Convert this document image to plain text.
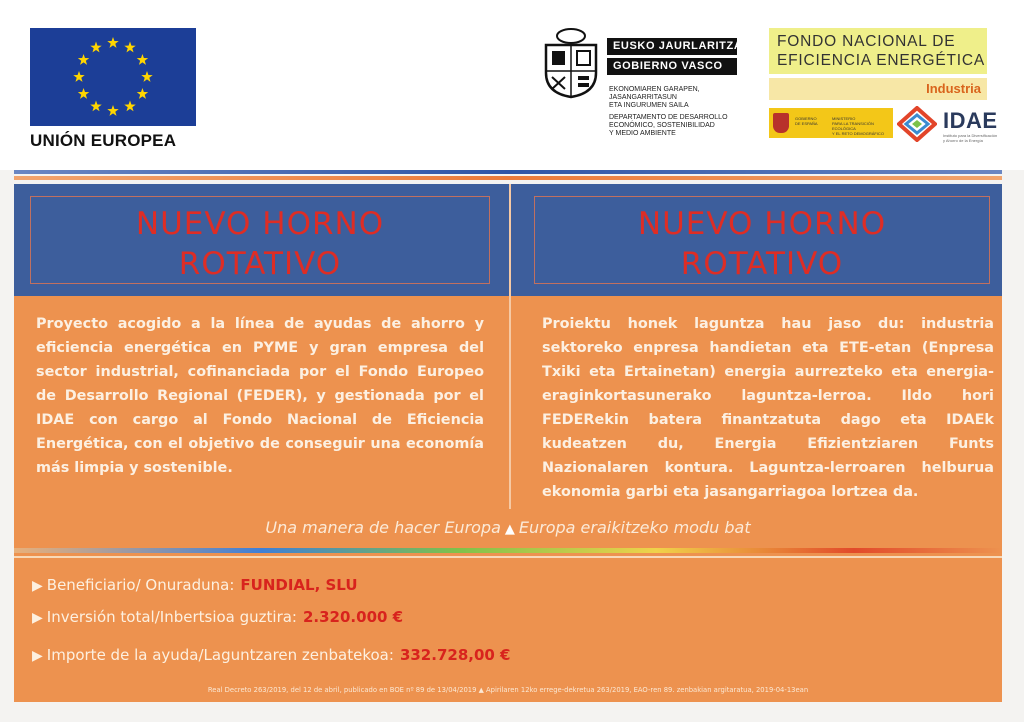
UNIÓN EUROPEA
EUSKO JAURLARITZA
GOBIERNO VASCO
EKONOMIAREN GARAPEN,
JASANGARRITASUN
ETA INGURUMEN SAILA
DEPARTAMENTO DE DESARROLLO
ECONÓMICO, SOSTENIBILIDAD
Y MEDIO AMBIENTE
FONDO NACIONAL DE
EFICIENCIA ENERGÉTICA
Industria
GOBIERNO
DE ESPAÑA
MINISTERIO
PARA LA TRANSICIÓN ECOLÓGICA
Y EL RETO DEMOGRÁFICO
IDAE
Instituto para la Diversificación
y Ahorro de la Energía
NUEVO HORNO
ROTATIVO
NUEVO HORNO
ROTATIVO
Proyecto acogido a la línea de ayudas de ahorro y eficiencia energética en PYME y gran empresa del sector industrial, cofinanciada por el Fondo Europeo de Desarrollo Regional (FEDER), y gestionada por el IDAE con cargo al Fondo Nacional de Eficiencia Energética, con el objetivo de conseguir una economía más limpia y sostenible.
Proiektu honek laguntza hau jaso du: industria sektoreko enpresa handietan eta ETE-etan (Enpresa Txiki eta Ertainetan) energia aurrezteko eta energia-eraginkortasunerako laguntza-lerroa. Ildo hori FEDERekin batera finantzatuta dago eta IDAEk kudeatzen du, Energia Efizientziaren Funts Nazionalaren kontura. Laguntza-lerroaren helburua ekonomia garbi eta jasangarriagoa lortzea da.
Una manera de hacer Europa ▲ Europa eraikitzeko modu bat
▶ Beneficiario/ Onuraduna: FUNDIAL, SLU
▶ Inversión total/Inbertsioa guztira: 2.320.000 €
▶ Importe de la ayuda/Laguntzaren zenbatekoa: 332.728,00 €
Real Decreto 263/2019, del 12 de abril, publicado en BOE nº 89 de 13/04/2019 ▲ Apirilaren 12ko erregе-dekretua 263/2019, EAO-ren 89. zenbakian argitaratua, 2019-04-13ean
